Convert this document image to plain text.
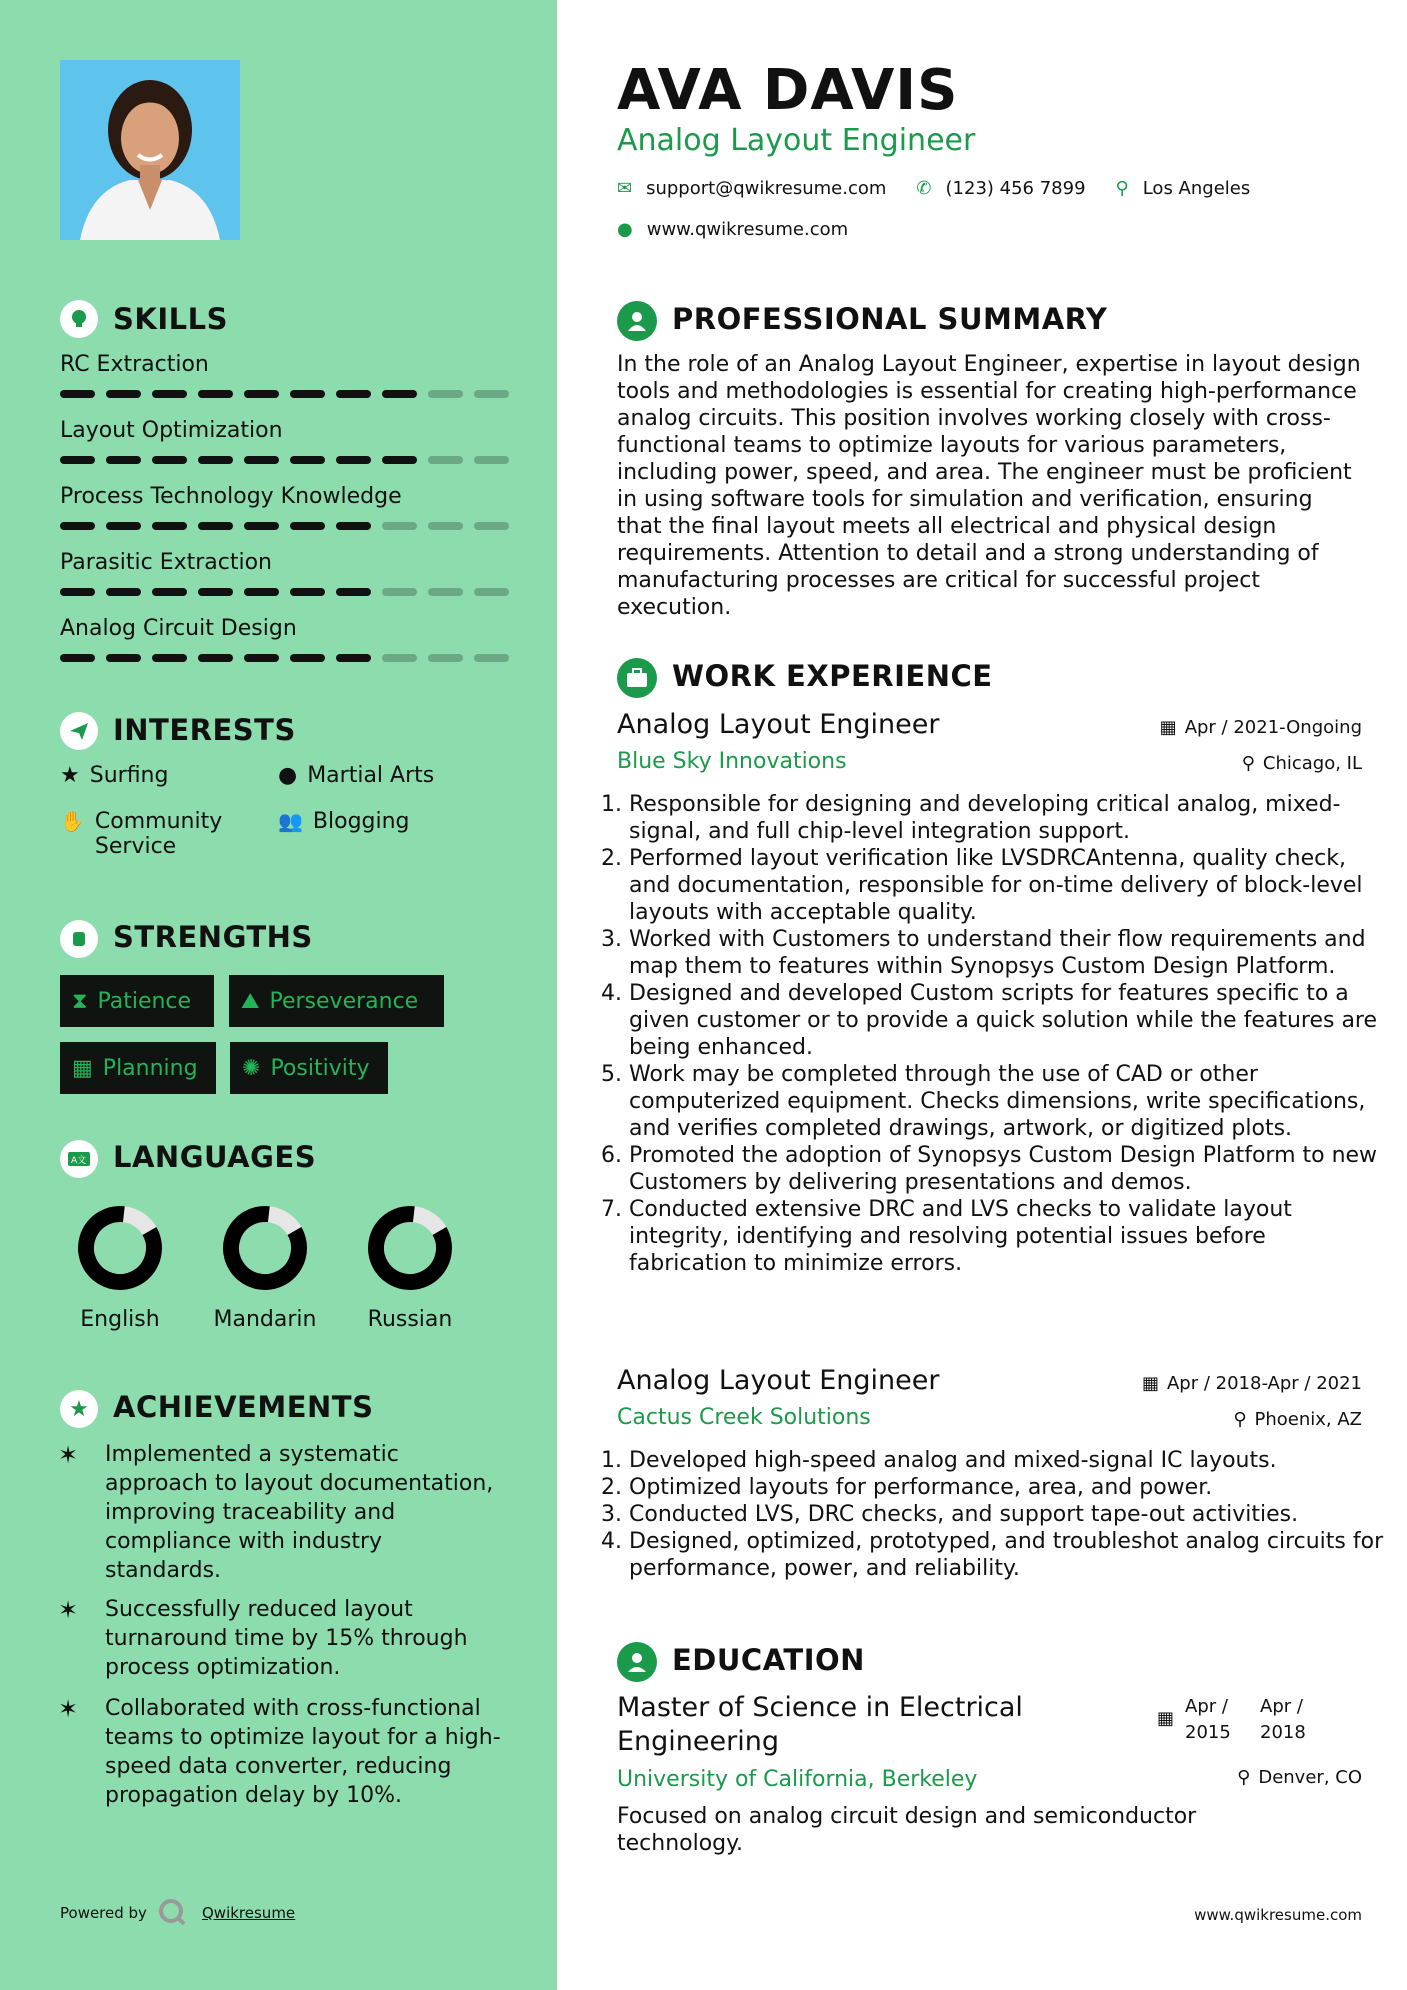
SKILLS
RC Extraction
Layout Optimization
Process Technology Knowledge
Parasitic Extraction
Analog Circuit Design
INTERESTS
★ Surfing	● Martial Arts
✋ Community Service
👥 Blogging
STRENGTHS
⧗ Patience ⛰ Perseverance
▦ Planning ✺ Positivity
A文 LANGUAGES
English	Mandarin	Russian
★ ACHIEVEMENTS
✶ Implemented a systematic approach to layout documentation, improving traceability and compliance with industry standards.
✶ Successfully reduced layout turnaround time by 15% through process optimization.
✶ Collaborated with cross-functional teams to optimize layout for a high-speed data converter, reducing propagation delay by 10%.
Powered by	Qwikresume
AVA DAVIS
Analog Layout Engineer
✉ support@qwikresume.com ✆ (123) 456 7899 ⚲ Los Angeles
● www.qwikresume.com
PROFESSIONAL SUMMARY
In the role of an Analog Layout Engineer, expertise in layout design tools and methodologies is essential for creating high-performance analog circuits. This position involves working closely with cross-functional teams to optimize layouts for various parameters, including power, speed, and area. The engineer must be proficient in using software tools for simulation and verification, ensuring that the final layout meets all electrical and physical design requirements. Attention to detail and a strong understanding of manufacturing processes are critical for successful project execution.
WORK EXPERIENCE
Analog Layout Engineer	▦ Apr / 2021-Ongoing
Blue Sky Innovations	⚲ Chicago, IL
1. Responsible for designing and developing critical analog, mixed-signal, and full chip-level integration support.
2. Performed layout verification like LVSDRCAntenna, quality check, and documentation, responsible for on-time delivery of block-level layouts with acceptable quality.
3. Worked with Customers to understand their flow requirements and map them to features within Synopsys Custom Design Platform.
4. Designed and developed Custom scripts for features specific to a given customer or to provide a quick solution while the features are being enhanced.
5. Work may be completed through the use of CAD or other computerized equipment. Checks dimensions, write specifications, and verifies completed drawings, artwork, or digitized plots.
6. Promoted the adoption of Synopsys Custom Design Platform to new Customers by delivering presentations and demos.
7. Conducted extensive DRC and LVS checks to validate layout integrity, identifying and resolving potential issues before fabrication to minimize errors.
Analog Layout Engineer	▦ Apr / 2018-Apr / 2021
Cactus Creek Solutions	⚲ Phoenix, AZ
1. Developed high-speed analog and mixed-signal IC layouts.
2. Optimized layouts for performance, area, and power.
3. Conducted LVS, DRC checks, and support tape-out activities.
4. Designed, optimized, prototyped, and troubleshot analog circuits for performance, power, and reliability.
EDUCATION
Master of Science in Electrical Engineering
University of California, Berkeley
▦
Apr /
2015
Apr /
2018
⚲ Denver, CO
Focused on analog circuit design and semiconductor technology.
www.qwikresume.com
